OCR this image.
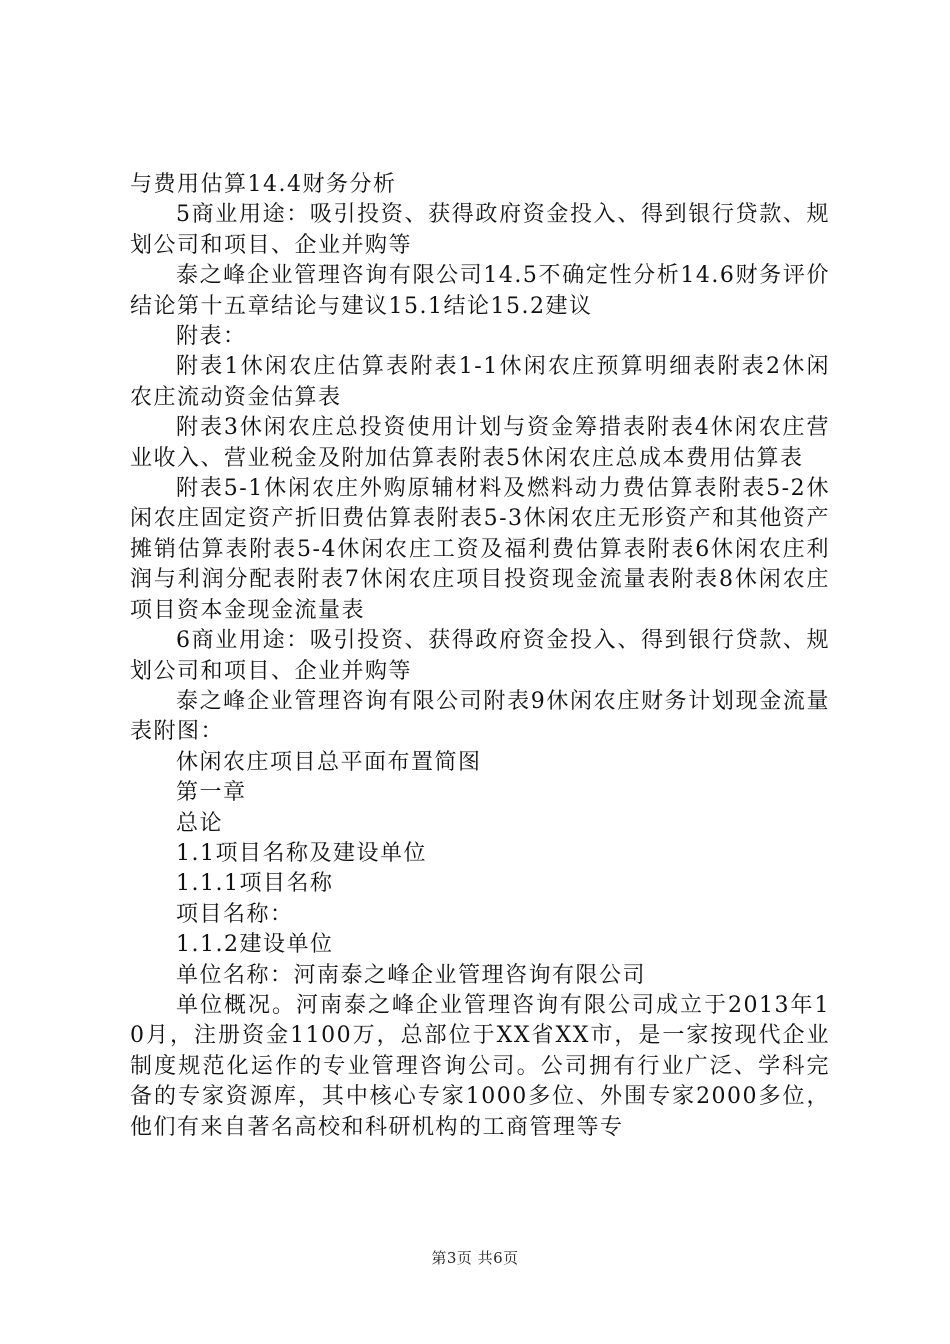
与费用估算14.4财务分析

5商业用途：吸引投资、获得政府资金投入、得到银行贷款、规划公司和项目、企业并购等

泰之峰企业管理咨询有限公司14.5不确定性分析14.6财务评价结论第十五章结论与建议15.1结论15.2建议

附表：

附表1休闲农庄估算表附表1-1休闲农庄预算明细表附表2休闲农庄流动资金估算表

附表3休闲农庄总投资使用计划与资金筹措表附表4休闲农庄营业收入、营业税金及附加估算表附表5休闲农庄总成本费用估算表

附表5-1休闲农庄外购原辅材料及燃料动力费估算表附表5-2休闲农庄固定资产折旧费估算表附表5-3休闲农庄无形资产和其他资产摊销估算表附表5-4休闲农庄工资及福利费估算表附表6休闲农庄利润与利润分配表附表7休闲农庄项目投资现金流量表附表8休闲农庄项目资本金现金流量表

6商业用途：吸引投资、获得政府资金投入、得到银行贷款、规划公司和项目、企业并购等

泰之峰企业管理咨询有限公司附表9休闲农庄财务计划现金流量表附图：

休闲农庄项目总平面布置简图

第一章

总论

1.1项目名称及建设单位

1.1.1项目名称

项目名称：

1.1.2建设单位

单位名称：河南泰之峰企业管理咨询有限公司

单位概况。河南泰之峰企业管理咨询有限公司成立于2013年10月，注册资金1100万，总部位于XX省XX市，是一家按现代企业制度规范化运作的专业管理咨询公司。公司拥有行业广泛、学科完备的专家资源库，其中核心专家1000多位、外围专家2000多位，他们有来自著名高校和科研机构的工商管理等专

第3页 共6页
